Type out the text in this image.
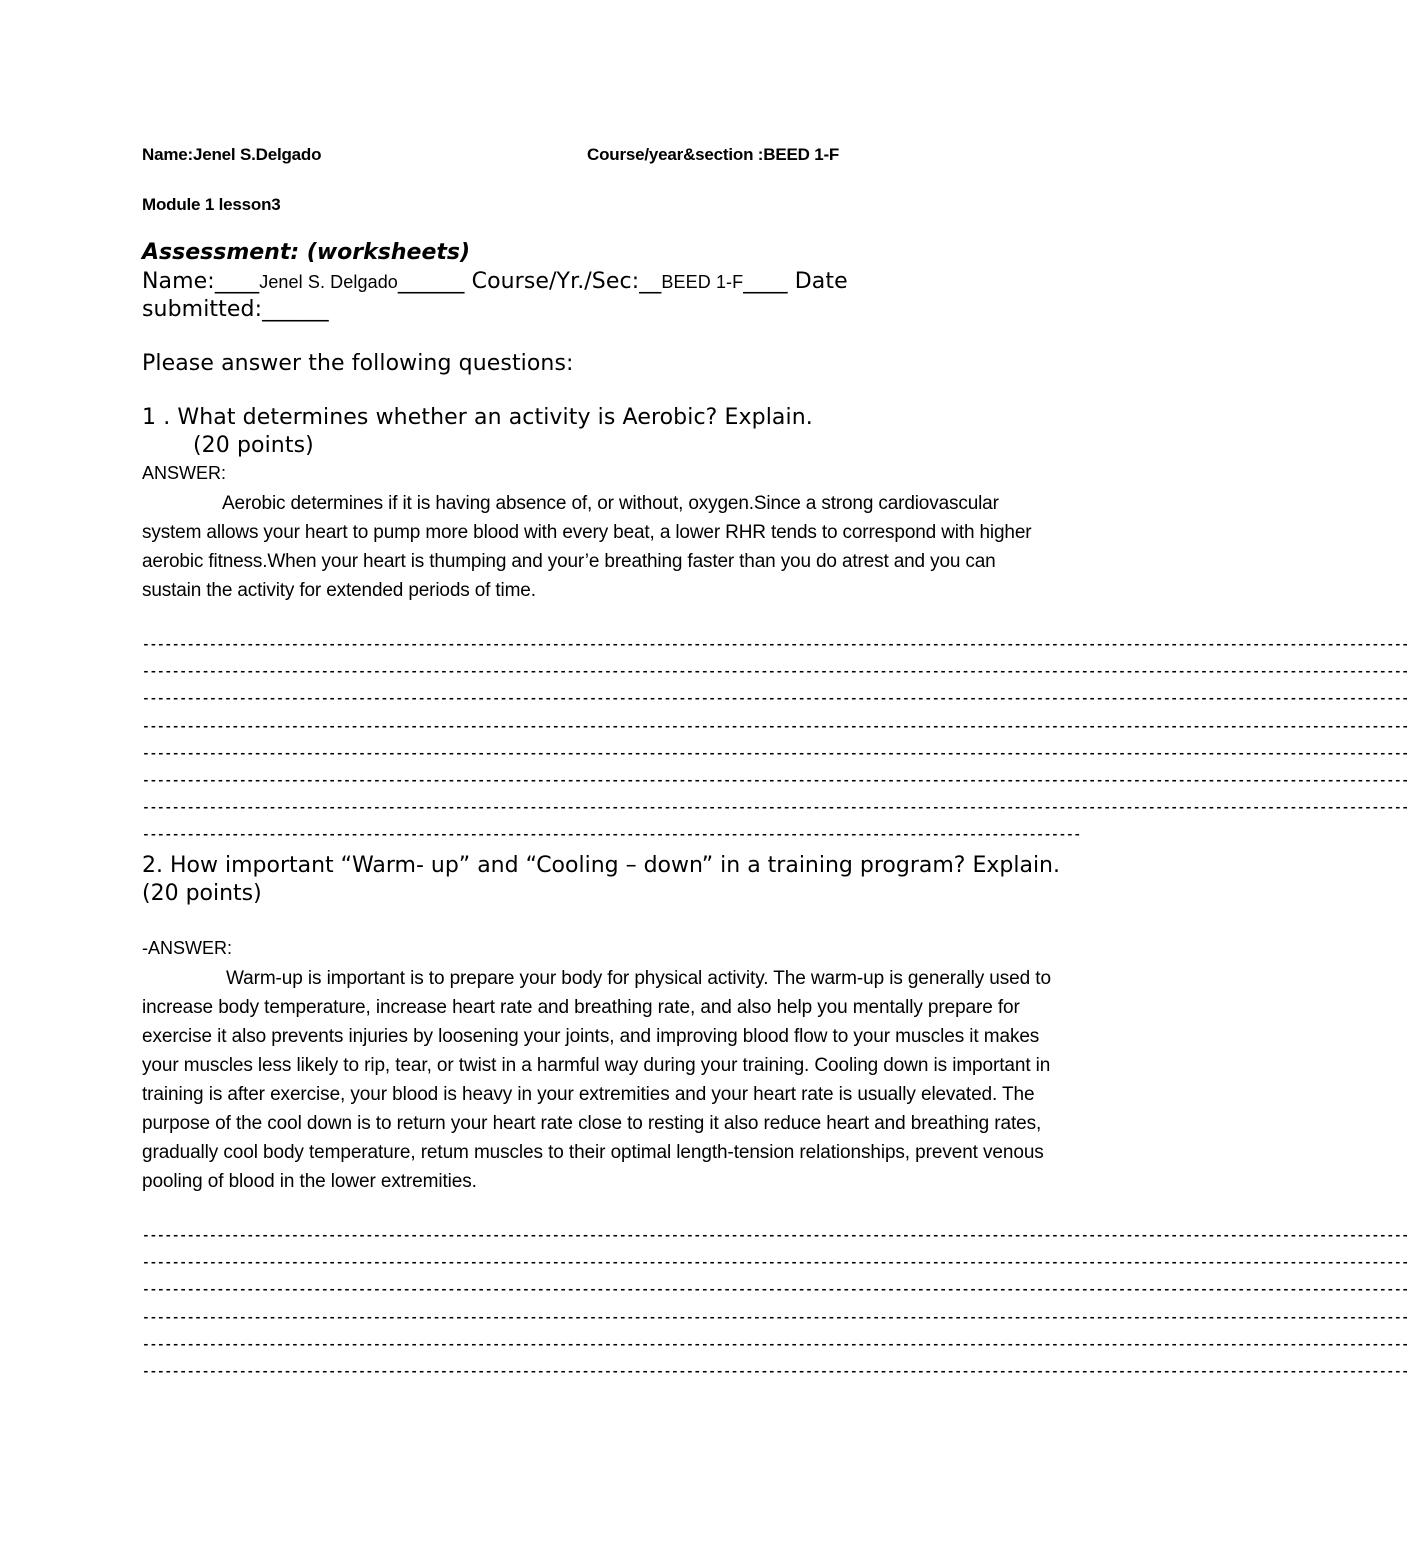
Name:Jenel S.Delgado	Course/year&section :BEED 1-F
Module 1 lesson3
Assessment: (worksheets)
Name:____Jenel S. Delgado______ Course/Yr./Sec:__BEED 1-F____ Date
submitted:______
Please answer the following questions:
1 . What determines whether an activity is Aerobic? Explain.
(20 points)
ANSWER:
Aerobic determines if it is having absence of, or without, oxygen.Since a strong cardiovascular system allows your heart to pump more blood with every beat, a lower RHR tends to correspond with higher aerobic fitness.When your heart is thumping and your’e breathing faster than you do atrest and you can sustain the activity for extended periods of time.
--------------------------------------------------------------------------------------------------------------------------------------------------------------------------
--------------------------------------------------------------------------------------------------------------------------------------------------------------------------
--------------------------------------------------------------------------------------------------------------------------------------------------------------------------
--------------------------------------------------------------------------------------------------------------------------------------------------------------------------
--------------------------------------------------------------------------------------------------------------------------------------------------------------------------
--------------------------------------------------------------------------------------------------------------------------------------------------------------------------
--------------------------------------------------------------------------------------------------------------------------------------------------------------------------
------------------------------------------------------------------------------------------------------------------------------
2. How important “Warm- up” and “Cooling – down” in a training program? Explain. (20 points)
-ANSWER:
Warm-up is important is to prepare your body for physical activity. The warm-up is generally used to increase body temperature, increase heart rate and breathing rate, and also help you mentally prepare for exercise it also prevents injuries by loosening your joints, and improving blood flow to your muscles it makes your muscles less likely to rip, tear, or twist in a harmful way during your training. Cooling down is important in training is after exercise, your blood is heavy in your extremities and your heart rate is usually elevated. The purpose of the cool down is to return your heart rate close to resting it also reduce heart and breathing rates, gradually cool body temperature, retum muscles to their optimal length-tension relationships, prevent venous pooling of blood in the lower extremities.
--------------------------------------------------------------------------------------------------------------------------------------------------------------------------
--------------------------------------------------------------------------------------------------------------------------------------------------------------------------
--------------------------------------------------------------------------------------------------------------------------------------------------------------------------
--------------------------------------------------------------------------------------------------------------------------------------------------------------------------
--------------------------------------------------------------------------------------------------------------------------------------------------------------------------
--------------------------------------------------------------------------------------------------------------------------------------------------------------------------
